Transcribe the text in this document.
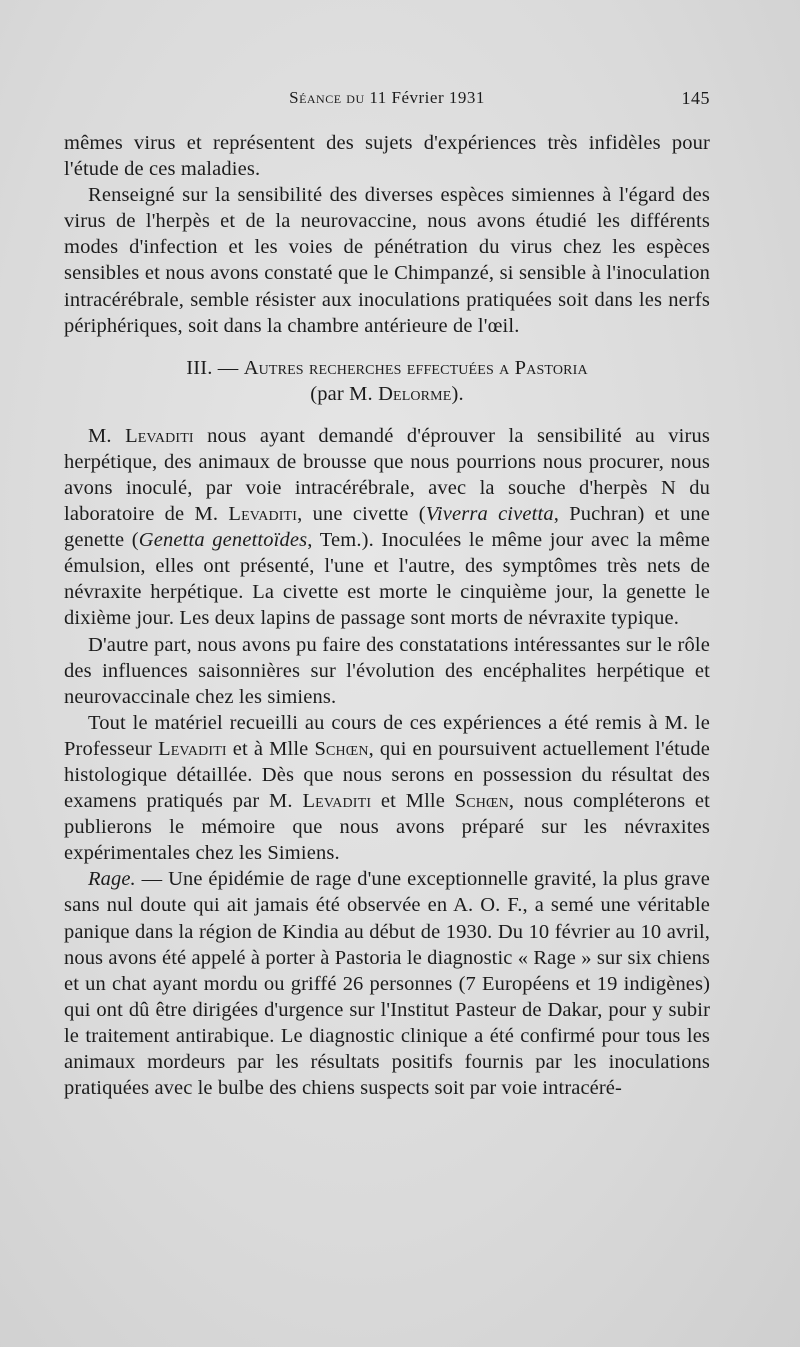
Séance du 11 Février 1931	145

mêmes virus et représentent des sujets d'expériences très infidèles pour l'étude de ces maladies.

Renseigné sur la sensibilité des diverses espèces simiennes à l'égard des virus de l'herpès et de la neurovaccine, nous avons étudié les différents modes d'infection et les voies de pénétration du virus chez les espèces sensibles et nous avons constaté que le Chimpanzé, si sensible à l'inoculation intracérébrale, semble résister aux inoculations pratiquées soit dans les nerfs périphériques, soit dans la chambre antérieure de l'œil.

III. — Autres recherches effectuées a Pastoria
(par M. Delorme).

M. Levaditi nous ayant demandé d'éprouver la sensibilité au virus herpétique, des animaux de brousse que nous pourrions nous procurer, nous avons inoculé, par voie intracérébrale, avec la souche d'herpès N du laboratoire de M. Levaditi, une civette (Viverra civetta, Puchran) et une genette (Genetta genettoïdes, Tem.). Inoculées le même jour avec la même émulsion, elles ont présenté, l'une et l'autre, des symptômes très nets de névraxite herpétique. La civette est morte le cinquième jour, la genette le dixième jour. Les deux lapins de passage sont morts de névraxite typique.

D'autre part, nous avons pu faire des constatations intéressantes sur le rôle des influences saisonnières sur l'évolution des encéphalites herpétique et neurovaccinale chez les simiens.

Tout le matériel recueilli au cours de ces expériences a été remis à M. le Professeur Levaditi et à Mlle Schœn, qui en poursuivent actuellement l'étude histologique détaillée. Dès que nous serons en possession du résultat des examens pratiqués par M. Levaditi et Mlle Schœn, nous compléterons et publierons le mémoire que nous avons préparé sur les névraxites expérimentales chez les Simiens.

Rage. — Une épidémie de rage d'une exceptionnelle gravité, la plus grave sans nul doute qui ait jamais été observée en A. O. F., a semé une véritable panique dans la région de Kindia au début de 1930. Du 10 février au 10 avril, nous avons été appelé à porter à Pastoria le diagnostic « Rage » sur six chiens et un chat ayant mordu ou griffé 26 personnes (7 Européens et 19 indigènes) qui ont dû être dirigées d'urgence sur l'Institut Pasteur de Dakar, pour y subir le traitement antirabique. Le diagnostic clinique a été confirmé pour tous les animaux mordeurs par les résultats positifs fournis par les inoculations pratiquées avec le bulbe des chiens suspects soit par voie intracéré-
